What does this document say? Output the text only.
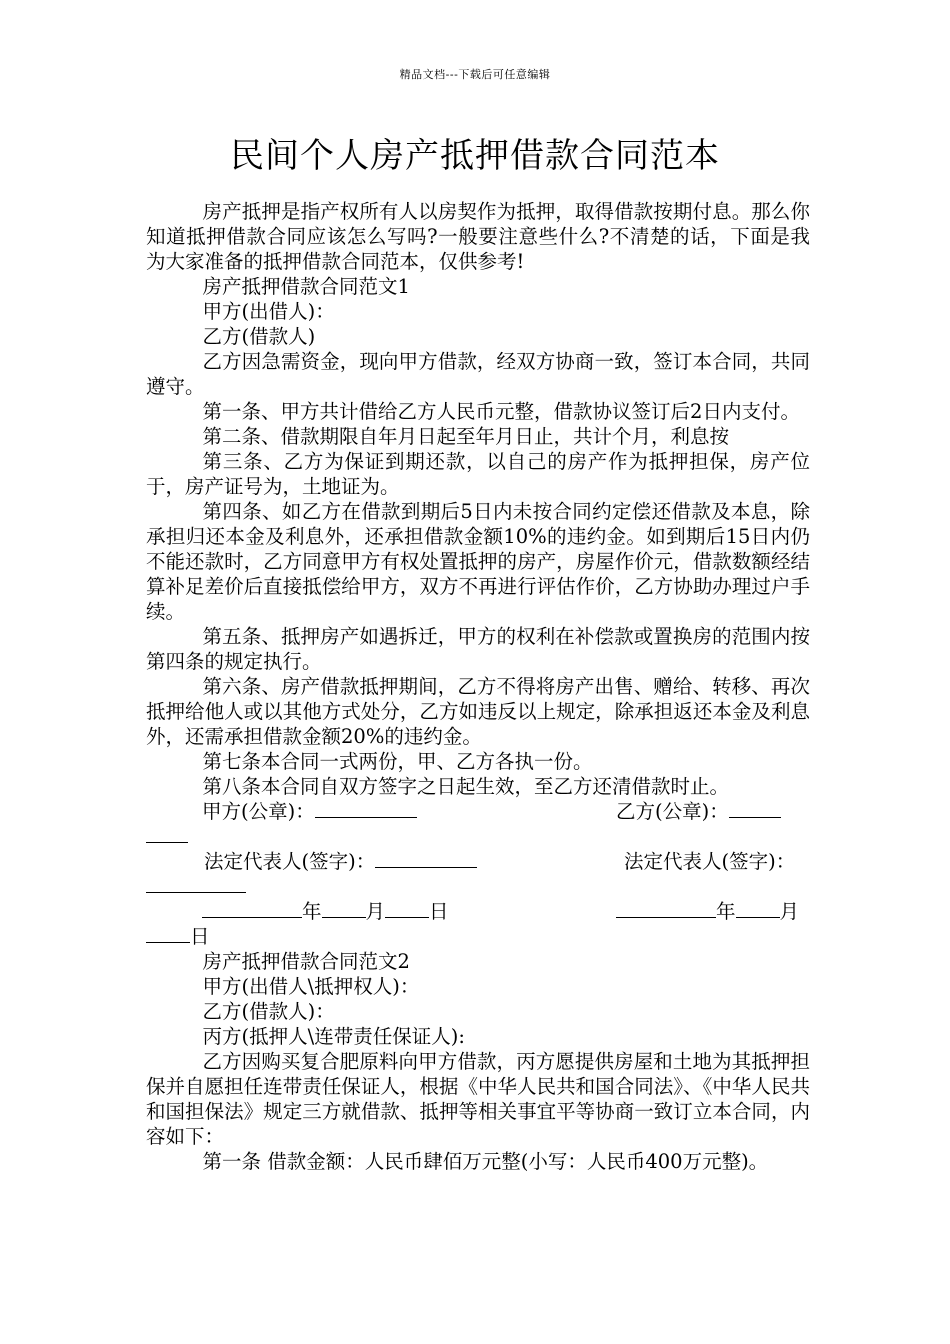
精品文档---下载后可任意编辑
民间个人房产抵押借款合同范本

房产抵押是指产权所有人以房契作为抵押，取得借款按期付息。那么你知道抵押借款合同应该怎么写吗?一般要注意些什么?不清楚的话，下面是我为大家准备的抵押借款合同范本，仅供参考!

房产抵押借款合同范文1

甲方(出借人)：

乙方(借款人)

乙方因急需资金，现向甲方借款，经双方协商一致，签订本合同，共同遵守。

第一条、甲方共计借给乙方人民币元整，借款协议签订后2日内支付。

第二条、借款期限自年月日起至年月日止，共计个月，利息按

第三条、乙方为保证到期还款，以自己的房产作为抵押担保，房产位于，房产证号为，土地证为。

第四条、如乙方在借款到期后5日内未按合同约定偿还借款及本息，除承担归还本金及利息外，还承担借款金额10%的违约金。如到期后15日内仍不能还款时，乙方同意甲方有权处置抵押的房产，房屋作价元，借款数额经结算补足差价后直接抵偿给甲方，双方不再进行评估作价，乙方协助办理过户手续。

第五条、抵押房产如遇拆迁，甲方的权利在补偿款或置换房的范围内按第四条的规定执行。

第六条、房产借款抵押期间，乙方不得将房产出售、赠给、转移、再次抵押给他人或以其他方式处分，乙方如违反以上规定，除承担返还本金及利息外，还需承担借款金额20%的违约金。

第七条本合同一式两份，甲、乙方各执一份。

第八条本合同自双方签字之日起生效，至乙方还清借款时止。

甲方(公章)：	乙方(公章)：
法定代表人(签字)：	法定代表人(签字)：
年 月 日	年 月
日

房产抵押借款合同范文2

甲方(出借人\抵押权人)：

乙方(借款人)：

丙方(抵押人\连带责任保证人):

乙方因购买复合肥原料向甲方借款，丙方愿提供房屋和土地为其抵押担保并自愿担任连带责任保证人，根据《中华人民共和国合同法》、《中华人民共和国担保法》规定三方就借款、抵押等相关事宜平等协商一致订立本合同，内容如下：

第一条 借款金额：人民币肆佰万元整(小写：人民币400万元整)。
